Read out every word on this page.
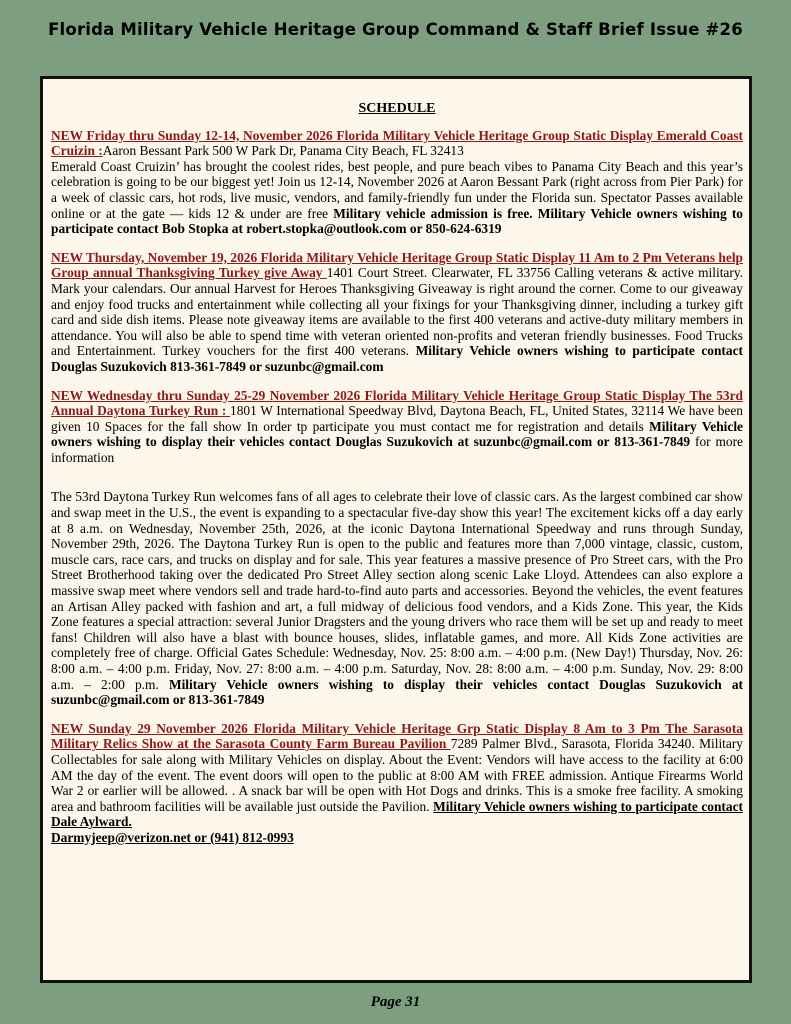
Florida Military Vehicle Heritage Group Command & Staff Brief Issue #26
SCHEDULE

NEW Friday thru Sunday 12-14, November 2026 Florida Military Vehicle Heritage Group Static Display Emerald Coast Cruizin :Aaron Bessant Park 500 W Park Dr, Panama City Beach, FL 32413
Emerald Coast Cruizin’ has brought the coolest rides, best people, and pure beach vibes to Panama City Beach and this year’s celebration is going to be our biggest yet! Join us 12-14, November 2026 at Aaron Bessant Park (right across from Pier Park) for a week of classic cars, hot rods, live music, vendors, and family-friendly fun under the Florida sun. Spectator Passes available online or at the gate — kids 12 & under are free Military vehicle admission is free. Military Vehicle owners wishing to participate contact Bob Stopka at robert.stopka@outlook.com or 850-624-6319

NEW Thursday, November 19, 2026 Florida Military Vehicle Heritage Group Static Display 11 Am to 2 Pm Veterans help Group annual Thanksgiving Turkey give Away 1401 Court Street. Clearwater, FL 33756 Calling veterans & active military. Mark your calendars. Our annual Harvest for Heroes Thanksgiving Giveaway is right around the corner. Come to our giveaway and enjoy food trucks and entertainment while collecting all your fixings for your Thanksgiving dinner, including a turkey gift card and side dish items. Please note giveaway items are available to the first 400 veterans and active-duty military members in attendance. You will also be able to spend time with veteran oriented non-profits and veteran friendly businesses. Food Trucks and Entertainment. Turkey vouchers for the first 400 veterans. Military Vehicle owners wishing to participate contact Douglas Suzukovich 813-361-7849 or suzunbc@gmail.com

NEW Wednesday thru Sunday 25-29 November 2026 Florida Military Vehicle Heritage Group Static Display The 53rd Annual Daytona Turkey Run : 1801 W International Speedway Blvd, Daytona Beach, FL, United States, 32114 We have been given 10 Spaces for the fall show In order tp participate you must contact me for registration and details Military Vehicle owners wishing to display their vehicles contact Douglas Suzukovich at suzunbc@gmail.com or 813-361-7849 for more information

The 53rd Daytona Turkey Run welcomes fans of all ages to celebrate their love of classic cars. As the largest combined car show and swap meet in the U.S., the event is expanding to a spectacular five-day show this year! The excitement kicks off a day early at 8 a.m. on Wednesday, November 25th, 2026, at the iconic Daytona International Speedway and runs through Sunday, November 29th, 2026. The Daytona Turkey Run is open to the public and features more than 7,000 vintage, classic, custom, muscle cars, race cars, and trucks on display and for sale. This year features a massive presence of Pro Street cars, with the Pro Street Brotherhood taking over the dedicated Pro Street Alley section along scenic Lake Lloyd. Attendees can also explore a massive swap meet where vendors sell and trade hard-to-find auto parts and accessories. Beyond the vehicles, the event features an Artisan Alley packed with fashion and art, a full midway of delicious food vendors, and a Kids Zone. This year, the Kids Zone features a special attraction: several Junior Dragsters and the young drivers who race them will be set up and ready to meet fans! Children will also have a blast with bounce houses, slides, inflatable games, and more. All Kids Zone activities are completely free of charge. Official Gates Schedule: Wednesday, Nov. 25: 8:00 a.m. – 4:00 p.m. (New Day!) Thursday, Nov. 26: 8:00 a.m. – 4:00 p.m. Friday, Nov. 27: 8:00 a.m. – 4:00 p.m. Saturday, Nov. 28: 8:00 a.m. – 4:00 p.m. Sunday, Nov. 29: 8:00 a.m. – 2:00 p.m. Military Vehicle owners wishing to display their vehicles contact Douglas Suzukovich at suzunbc@gmail.com or 813-361-7849

NEW Sunday 29 November 2026 Florida Military Vehicle Heritage Grp Static Display 8 Am to 3 Pm The Sarasota Military Relics Show at the Sarasota County Farm Bureau Pavilion 7289 Palmer Blvd., Sarasota, Florida 34240. Military Collectables for sale along with Military Vehicles on display. About the Event: Vendors will have access to the facility at 6:00 AM the day of the event. The event doors will open to the public at 8:00 AM with FREE admission. Antique Firearms World War 2 or earlier will be allowed. . A snack bar will be open with Hot Dogs and drinks. This is a smoke free facility. A smoking area and bathroom facilities will be available just outside the Pavilion. Military Vehicle owners wishing to participate contact Dale Aylward.
Darmyjeep@verizon.net or (941) 812-0993

Page 31
